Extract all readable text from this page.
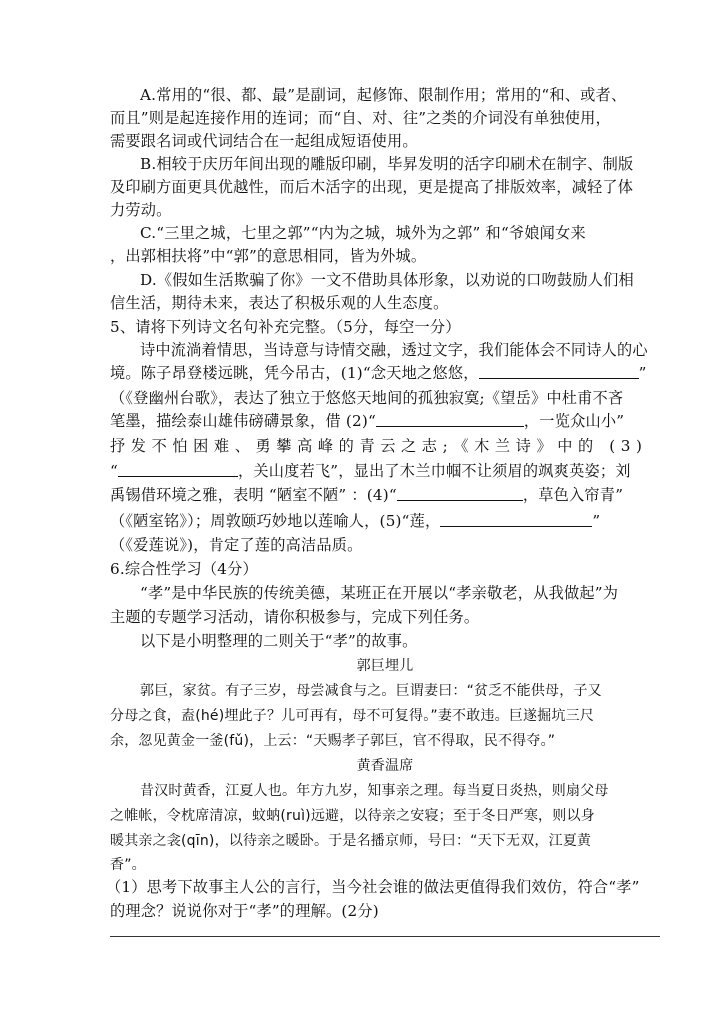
A.常用的“很、都、最”是副词，起修饰、限制作用；常用的“和、或者、
而且”则是起连接作用的连词；而“自、对、往”之类的介词没有单独使用，
需要跟名词或代词结合在一起组成短语使用。
B.相较于庆历年间出现的雕版印刷，毕昇发明的活字印刷术在制字、制版
及印刷方面更具优越性，而后木活字的出现，更是提高了排版效率，减轻了体
力劳动。
C.“三里之城，七里之郭”“内为之城，城外为之郭” 和“爷娘闻女来
，出郭相扶将”中“郭”的意思相同，皆为外城。
D.《假如生活欺骗了你》一文不借助具体形象，以劝说的口吻鼓励人们相
信生活，期待未来，表达了积极乐观的人生态度。
5、请将下列诗文名句补充完整。（5分，每空一分）
诗中流淌着情思，当诗意与诗情交融，透过文字，我们能体会不同诗人的心
境。陈子昂登楼远眺，凭今吊古，(1)“念天地之悠悠，	”
（《登幽州台歌》，表达了独立于悠悠天地间的孤独寂寞;《望岳》中杜甫不吝
笔墨，描绘泰山雄伟磅礴景象，借 (2)“	，一览众山小”
抒发不怕困难、勇攀高峰的青云之志;《木兰诗》中的 (3)
“	，关山度若飞”，显出了木兰巾帼不让须眉的飒爽英姿；刘
禹锡借环境之雅，表明 “陋室不陋” ：(4)“	，草色入帘青”
（《陋室铭》）；周敦颐巧妙地以莲喻人，(5)“莲，	”
（《爱莲说》)，肯定了莲的高洁品质。
6.综合性学习（4分）
“孝”是中华民族的传统美德，某班正在开展以“孝亲敬老，从我做起”为
主题的专题学习活动，请你积极参与，完成下列任务。
以下是小明整理的二则关于“孝”的故事。
郭巨埋儿
郭巨，家贫。有子三岁，母尝减食与之。巨谓妻曰：“贫乏不能供母，子又
分母之食，盍(hé)埋此子？儿可再有，母不可复得。”妻不敢违。巨遂掘坑三尺
余，忽见黄金一釜(fǔ)，上云：“天赐孝子郭巨，官不得取，民不得夺。”
黄香温席
昔汉时黄香，江夏人也。年方九岁，知事亲之理。每当夏日炎热，则扇父母
之帷帐，令枕席清凉，蚊蚋(ruì)远避，以待亲之安寝；至于冬日严寒，则以身
暖其亲之衾(qīn)，以待亲之暖卧。于是名播京师，号曰：“天下无双，江夏黄
香”。
（1）思考下故事主人公的言行，当今社会谁的做法更值得我们效仿，符合“孝”
的理念？说说你对于“孝”的理解。(2分)
